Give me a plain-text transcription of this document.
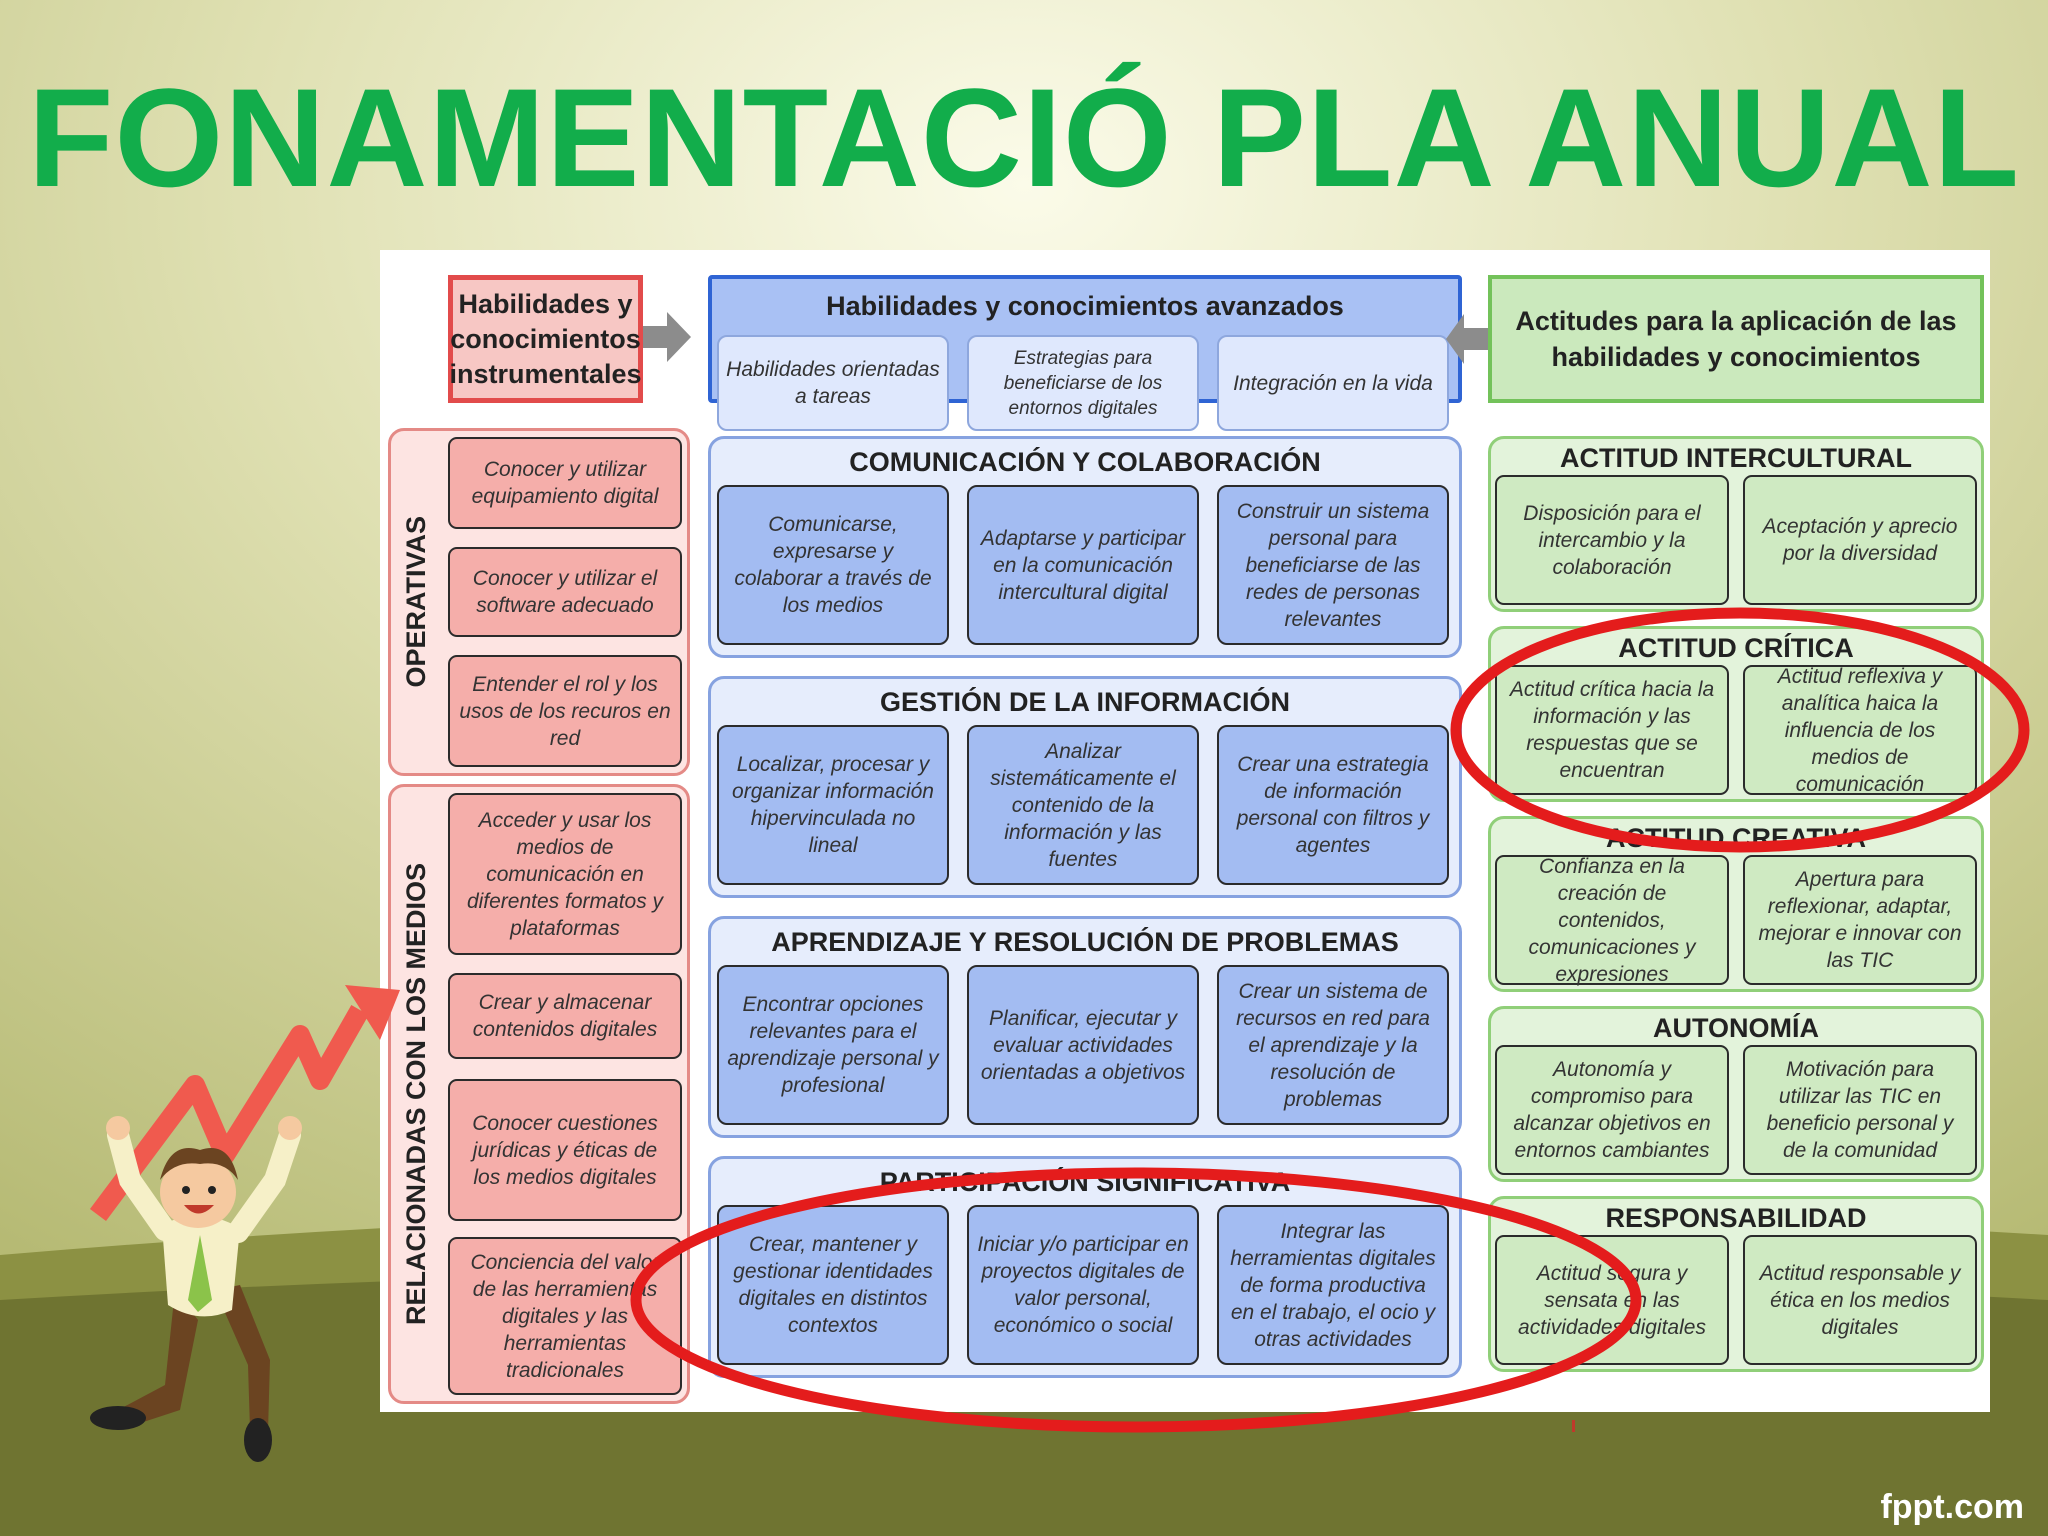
FONAMENTACIÓ PLA ANUAL
Habilidades y conocimientos instrumentales
OPERATIVAS
Conocer y utilizar equipamiento digital
Conocer y utilizar el software adecuado
Entender el rol y los usos de los recuros en red
RELACIONADAS CON LOS MEDIOS
Acceder y usar los medios de comunicación en diferentes formatos y plataformas
Crear y almacenar contenidos digitales
Conocer cuestiones jurídicas y éticas de los medios digitales
Conciencia del valor de las herramientas digitales y las herramientas tradicionales
Habilidades y conocimientos avanzados
Habilidades orientadas a tareas
Estrategias para beneficiarse de los entornos digitales
Integración en la vida
COMUNICACIÓN Y COLABORACIÓN
Comunicarse, expresarse y colaborar a través de los medios
Adaptarse y participar en la comunicación intercultural digital
Construir un sistema personal para beneficiarse de las redes de personas relevantes
GESTIÓN DE LA INFORMACIÓN
Localizar, procesar y organizar información hipervinculada no lineal
Analizar sistemáticamente el contenido de la información y las fuentes
Crear una estrategia de información personal con filtros y agentes
APRENDIZAJE Y RESOLUCIÓN DE PROBLEMAS
Encontrar opciones relevantes para el aprendizaje personal y profesional
Planificar, ejecutar y evaluar actividades orientadas a objetivos
Crear un sistema de recursos en red para el aprendizaje y la resolución de problemas
PARTICIPACIÓN SIGNIFICATIVA
Crear, mantener y gestionar identidades digitales en distintos contextos
Iniciar y/o participar en proyectos digitales de valor personal, económico o social
Integrar las herramientas digitales de forma productiva en el trabajo, el ocio y otras actividades
Actitudes para la aplicación de las habilidades y conocimientos
ACTITUD INTERCULTURAL
Disposición para el intercambio y la colaboración
Aceptación y aprecio por la diversidad
ACTITUD CRÍTICA
Actitud crítica hacia la información y las respuestas que se encuentran
Actitud reflexiva y analítica haica la influencia de los medios de comunicación
ACTITUD CREATIVA
Confianza en la creación de contenidos, comunicaciones y expresiones
Apertura para reflexionar, adaptar, mejorar e innovar con las TIC
AUTONOMÍA
Autonomía y compromiso para alcanzar objetivos en entornos cambiantes
Motivación para utilizar las TIC en beneficio personal y de la comunidad
RESPONSABILIDAD
Actitud segura y sensata en las actividades digitales
Actitud responsable y ética en los medios digitales
fppt.com
